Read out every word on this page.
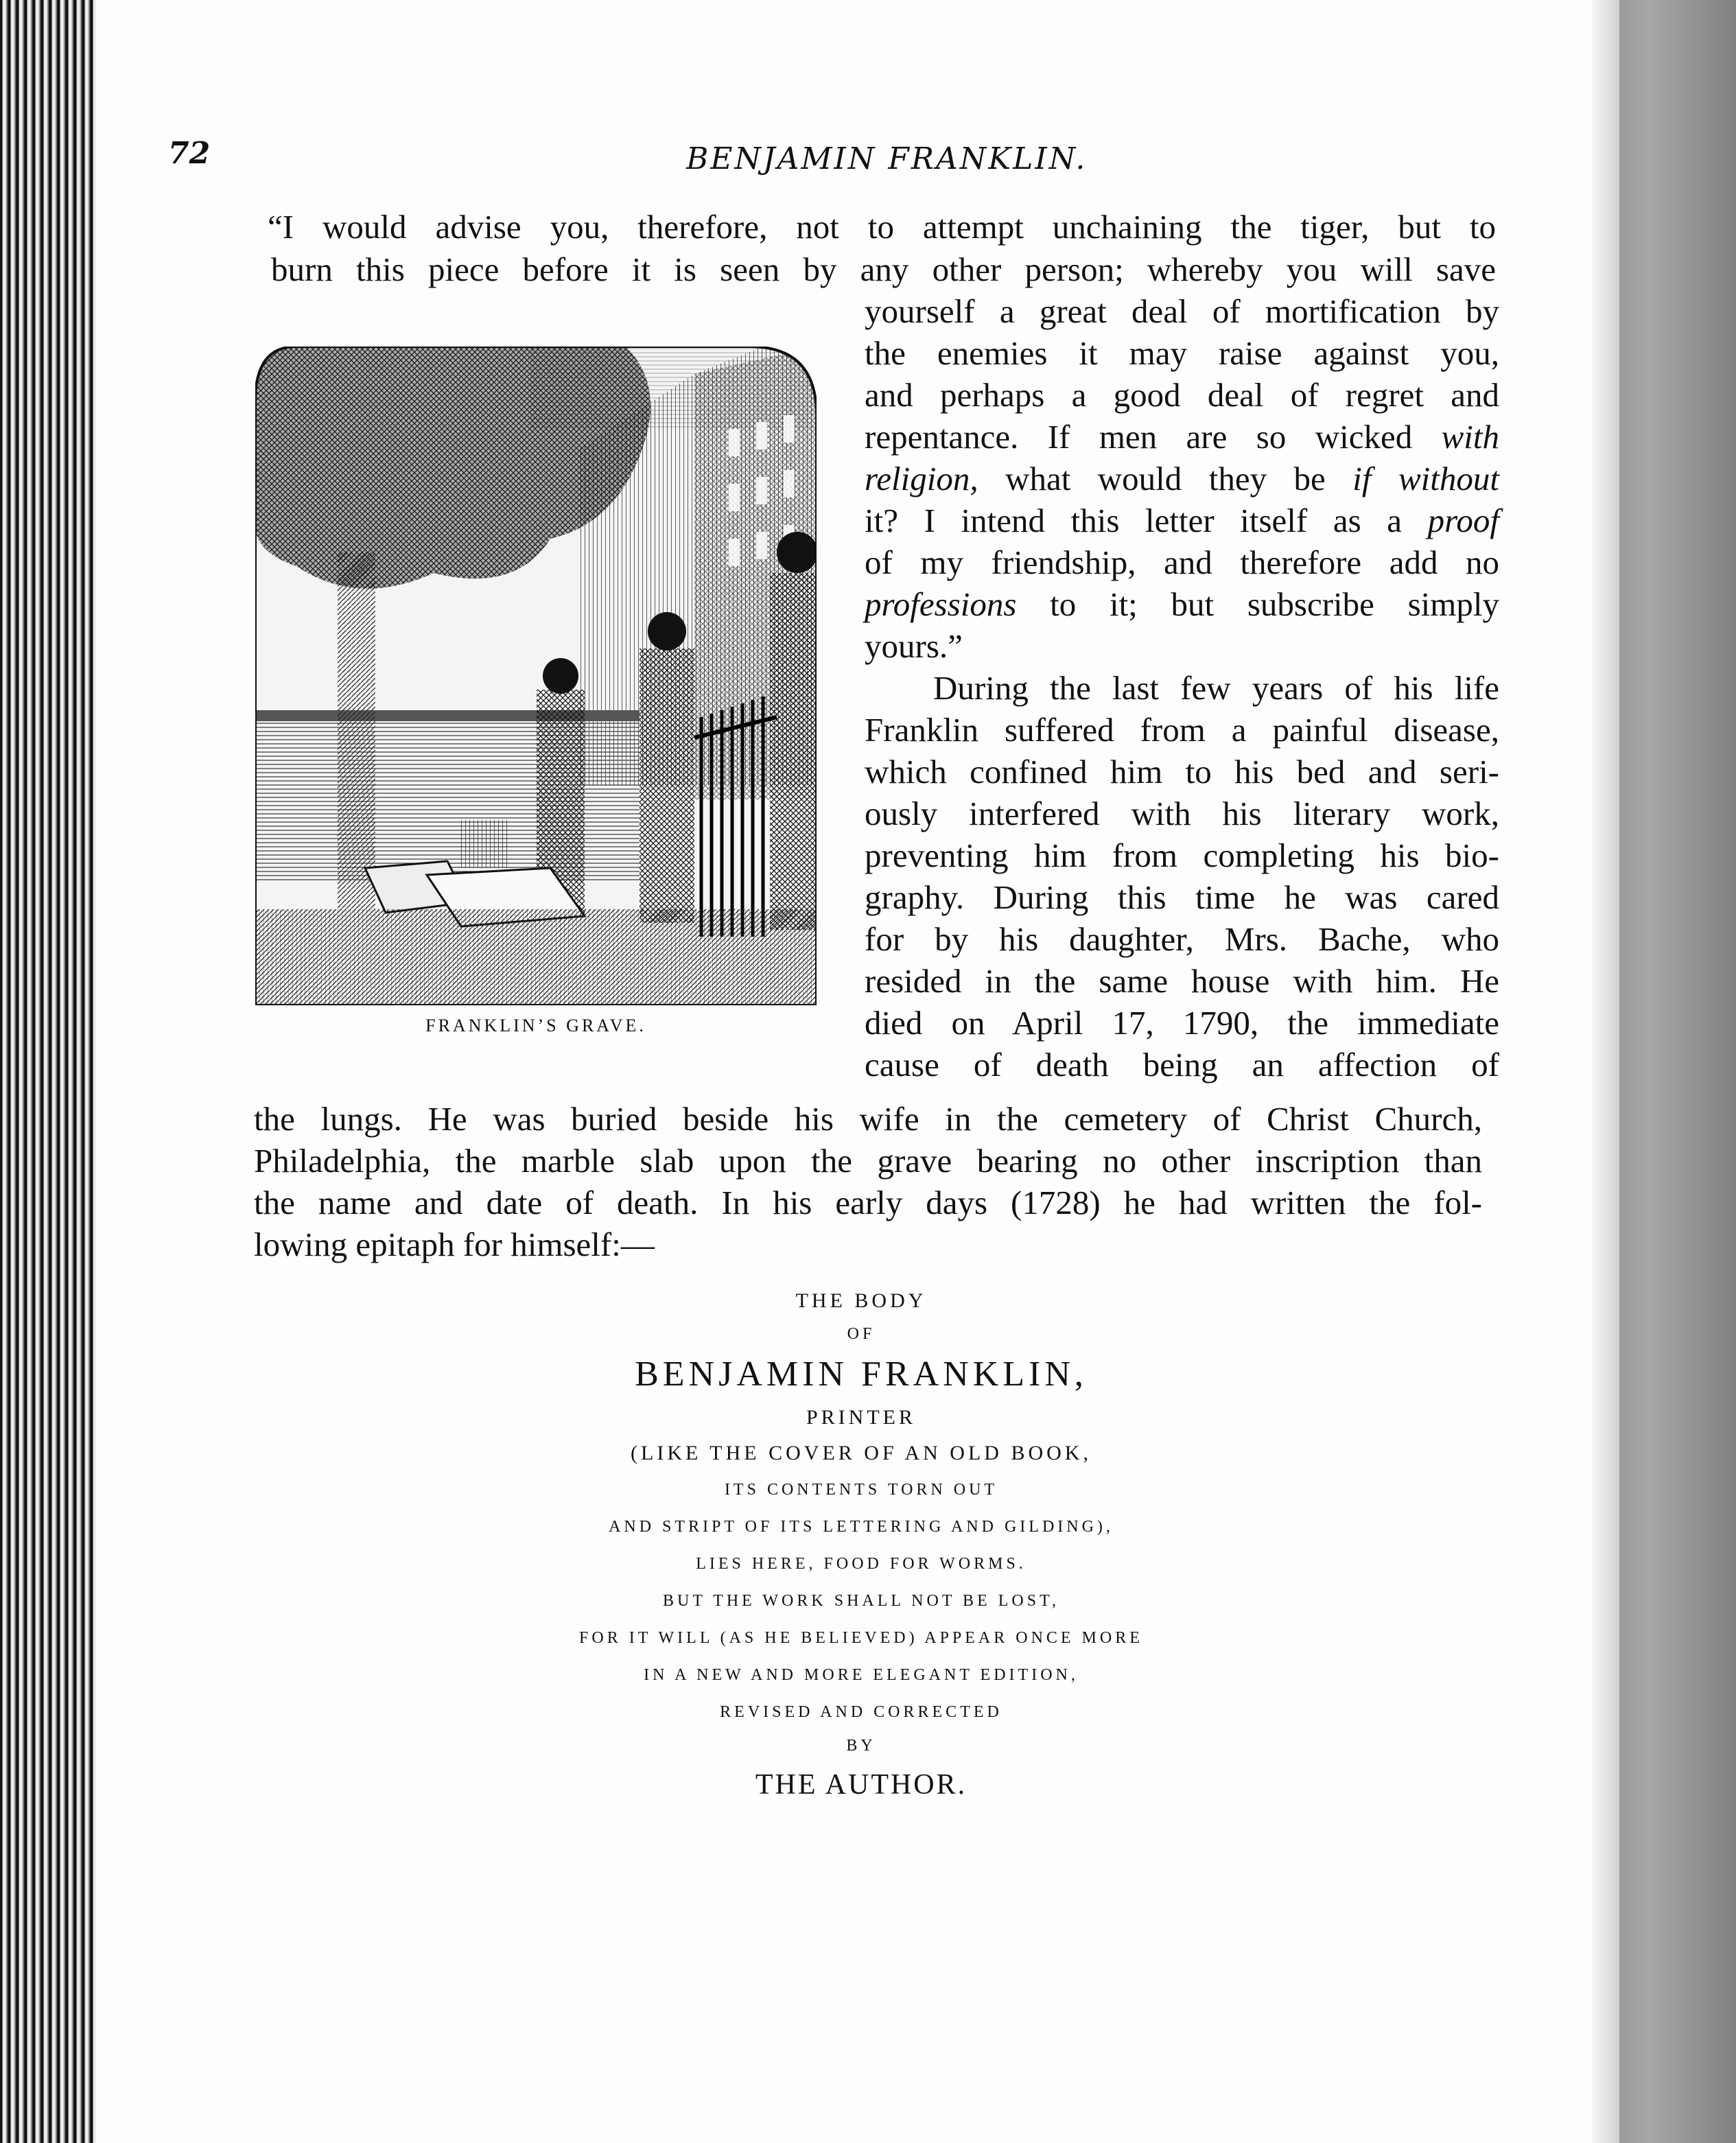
72	BENJAMIN FRANKLIN.
“I would advise you, therefore, not to attempt unchaining the tiger, but to
burn this piece before it is seen by any other person; whereby you will save
yourself a great deal of mortification by
the enemies it may raise against you,
and perhaps a good deal of regret and
repentance. If men are so wicked with
religion, what would they be if without
it? I intend this letter itself as a proof
of my friendship, and therefore add no
professions to it; but subscribe simply
yours.”
During the last few years of his life
Franklin suffered from a painful disease,
which confined him to his bed and seri-
ously interfered with his literary work,
preventing him from completing his bio-
graphy. During this time he was cared
for by his daughter, Mrs. Bache, who
resided in the same house with him. He
died on April 17, 1790, the immediate
cause of death being an affection of
the lungs. He was buried beside his wife in the cemetery of Christ Church,
Philadelphia, the marble slab upon the grave bearing no other inscription than
the name and date of death. In his early days (1728) he had written the fol-
lowing epitaph for himself:—
FRANKLIN’S GRAVE.
THE BODY
OF
BENJAMIN FRANKLIN,
PRINTER
(LIKE THE COVER OF AN OLD BOOK,
ITS CONTENTS TORN OUT
AND STRIPT OF ITS LETTERING AND GILDING),
LIES HERE, FOOD FOR WORMS.
BUT THE WORK SHALL NOT BE LOST,
FOR IT WILL (AS HE BELIEVED) APPEAR ONCE MORE
IN A NEW AND MORE ELEGANT EDITION,
REVISED AND CORRECTED
BY
THE AUTHOR.
